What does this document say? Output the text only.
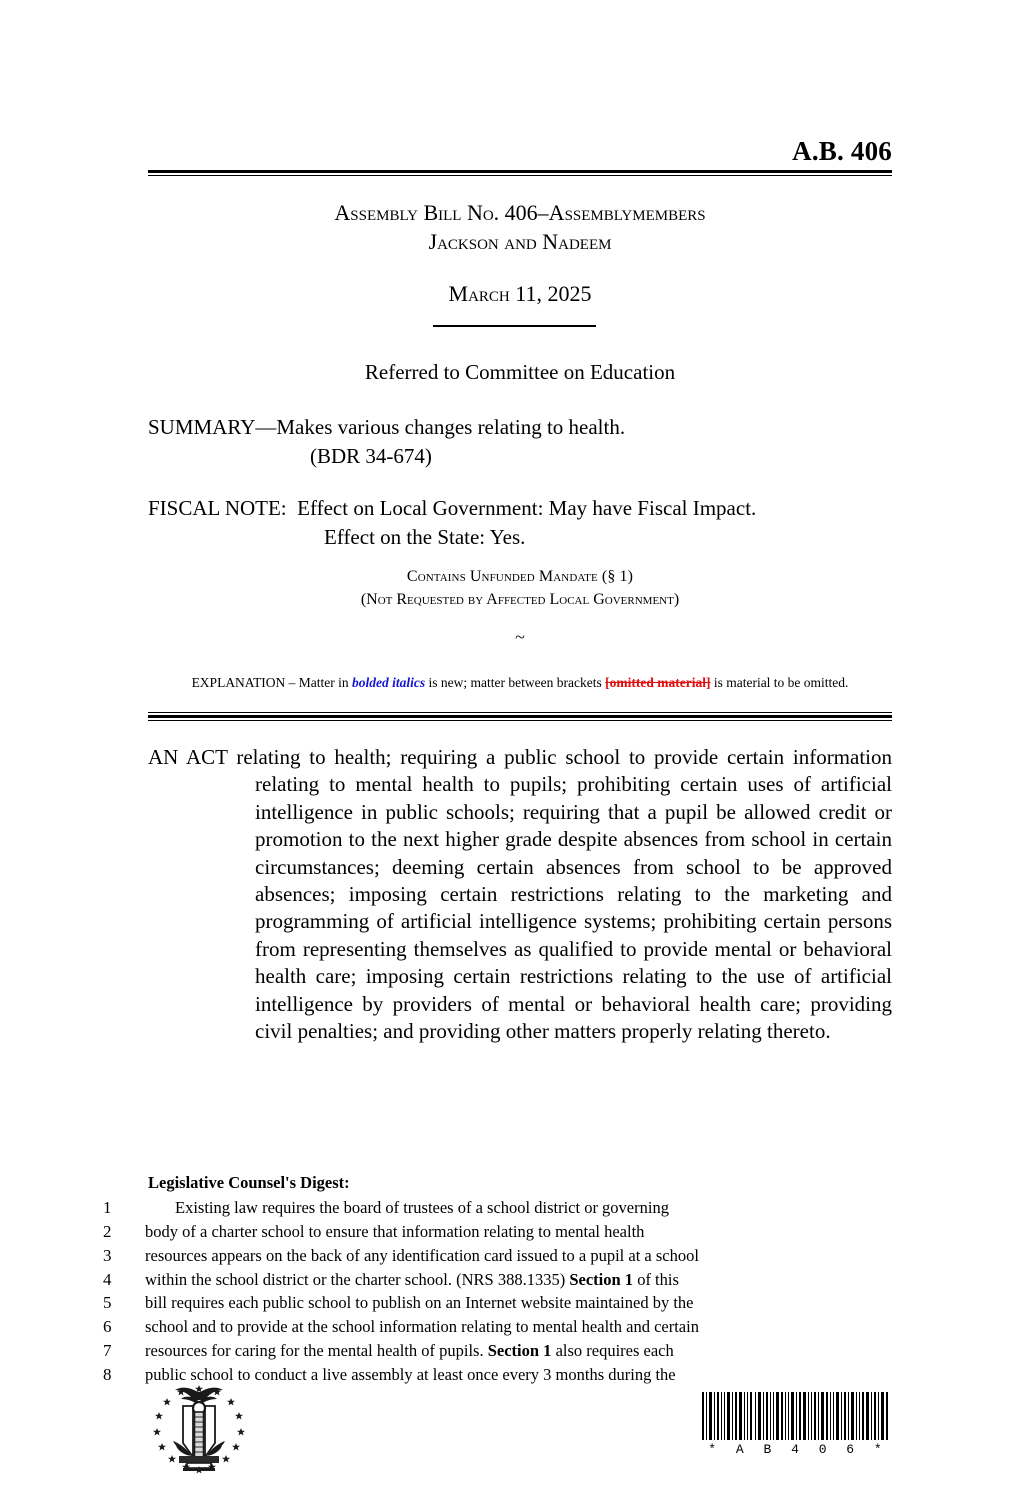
A.B. 406
Assembly Bill No. 406–Assemblymembers
Jackson and Nadeem
March 11, 2025
Referred to Committee on Education
SUMMARY—Makes various changes relating to health.
(BDR 34-674)
FISCAL NOTE: Effect on Local Government: May have Fiscal Impact.
Effect on the State: Yes.
Contains Unfunded Mandate (§ 1)
(Not Requested by Affected Local Government)
~
EXPLANATION – Matter in bolded italics is new; matter between brackets [omitted material] is material to be omitted.
AN ACT relating to health; requiring a public school to provide certain information relating to mental health to pupils; prohibiting certain uses of artificial intelligence in public schools; requiring that a pupil be allowed credit or promotion to the next higher grade despite absences from school in certain circumstances; deeming certain absences from school to be approved absences; imposing certain restrictions relating to the marketing and programming of artificial intelligence systems; prohibiting certain persons from representing themselves as qualified to provide mental or behavioral health care; imposing certain restrictions relating to the use of artificial intelligence by providers of mental or behavioral health care; providing civil penalties; and providing other matters properly relating thereto.
Legislative Counsel's Digest:
1	Existing law requires the board of trustees of a school district or governing
2	body of a charter school to ensure that information relating to mental health
3	resources appears on the back of any identification card issued to a pupil at a school
4	within the school district or the charter school. (NRS 388.1335) Section 1 of this
5	bill requires each public school to publish on an Internet website maintained by the
6	school and to provide at the school information relating to mental health and certain
7	resources for caring for the mental health of pupils. Section 1 also requires each
8	public school to conduct a live assembly at least once every 3 months during the
* A B 4 0 6 *
